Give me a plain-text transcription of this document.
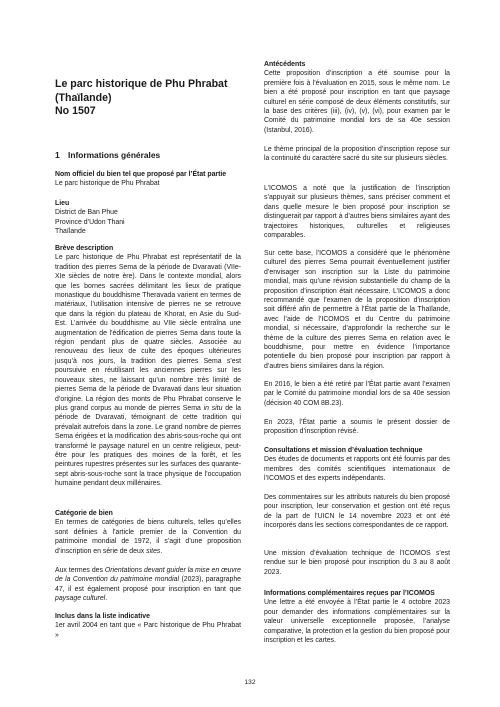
Le parc historique de Phu Phrabat
(Thaïlande)
No 1507
1 Informations générales

Nom officiel du bien tel que proposé par l’État partie

Le parc historique de Phu Phrabat

Lieu

District de Ban Phue

Province d’Udon Thani

Thaïlande

Brève description

Le parc historique de Phu Phrabat est représentatif de la tradition des pierres Sema de la période de Dvaravati (VIIe-XIe siècles de notre ère). Dans le contexte mondial, alors que les bornes sacrées délimitant les lieux de pratique monastique du bouddhisme Theravada varient en termes de matériaux, l’utilisation intensive de pierres ne se retrouve que dans la région du plateau de Khorat, en Asie du Sud-Est. L’arrivée du bouddhisme au VIIe siècle entraîna une augmentation de l’édification de pierres Sema dans toute la région pendant plus de quatre siècles. Associée au renouveau des lieux de culte des époques ultérieures jusqu’à nos jours, la tradition des pierres Sema s’est poursuivie en réutilisant les anciennes pierres sur les nouveaux sites, ne laissant qu’un nombre très limité de pierres Sema de la période de Dvaravati dans leur situation d’origine. La région des monts de Phu Phrabat conserve le plus grand corpus au monde de pierres Sema in situ de la période de Dvaravati, témoignant de cette tradition qui prévalait autrefois dans la zone. Le grand nombre de pierres Sema érigées et la modification des abris-sous-roche qui ont transformé le paysage naturel en un centre religieux, peut-être pour les pratiques des moines de la forêt, et les peintures rupestres présentes sur les surfaces des quarante-sept abris-sous-roche sont la trace physique de l’occupation humaine pendant deux millénaires.

Catégorie de bien

En termes de catégories de biens culturels, telles qu’elles sont définies à l’article premier de la Convention du patrimoine mondial de 1972, il s’agit d’une proposition d’inscription en série de deux sites.

Aux termes des Orientations devant guider la mise en œuvre de la Convention du patrimoine mondial (2023), paragraphe 47, il est également proposé pour inscription en tant que paysage culturel.

Inclus dans la liste indicative

1er avril 2004 en tant que « Parc historique de Phu Phrabat »

Antécédents

Cette proposition d’inscription a été soumise pour la première fois à l’évaluation en 2015, sous le même nom. Le bien a été proposé pour inscription en tant que paysage culturel en série composé de deux éléments constitutifs, sur la base des critères (iii), (iv), (v), (vi), pour examen par le Comité du patrimoine mondial lors de sa 40e session (Istanbul, 2016).

Le thème principal de la proposition d’inscription repose sur la continuité du caractère sacré du site sur plusieurs siècles.

L’ICOMOS a noté que la justification de l’inscription s’appuyait sur plusieurs thèmes, sans préciser comment et dans quelle mesure le bien proposé pour inscription se distinguerait par rapport à d’autres biens similaires ayant des trajectoires historiques, culturelles et religieuses comparables.

Sur cette base, l’ICOMOS a considéré que le phénomène culturel des pierres Sema pourrait éventuellement justifier d’envisager son inscription sur la Liste du patrimoine mondial, mais qu’une révision substantielle du champ de la proposition d’inscription était nécessaire. L’ICOMOS a donc recommandé que l’examen de la proposition d’inscription soit différé afin de permettre à l’État partie de la Thaïlande, avec l’aide de l’ICOMOS et du Centre du patrimoine mondial, si nécessaire, d’approfondir la recherche sur le thème de la culture des pierres Sema en relation avec le bouddhisme, pour mettre en évidence l’importance potentielle du bien proposé pour inscription par rapport à d’autres biens similaires dans la région.

En 2016, le bien a été retiré par l’État partie avant l’examen par le Comité du patrimoine mondial lors de sa 40e session (décision 40 COM 8B.23).

En 2023, l’État partie a soumis le présent dossier de proposition d’inscription révisé.

Consultations et mission d’évaluation technique

Des études de documents et rapports ont été fournis par des membres des comités scientifiques internationaux de l’ICOMOS et des experts indépendants.

Des commentaires sur les attributs naturels du bien proposé pour inscription, leur conservation et gestion ont été reçus de la part de l’UICN le 14 novembre 2023 et ont été incorporés dans les sections correspondantes de ce rapport.

Une mission d’évaluation technique de l’ICOMOS s’est rendue sur le bien proposé pour inscription du 3 au 8 août 2023.

Informations complémentaires reçues par l’ICOMOS

Une lettre a été envoyée à l’État partie le 4 octobre 2023 pour demander des informations complémentaires sur la valeur universelle exceptionnelle proposée, l’analyse comparative, la protection et la gestion du bien proposé pour inscription et les cartes.

132
